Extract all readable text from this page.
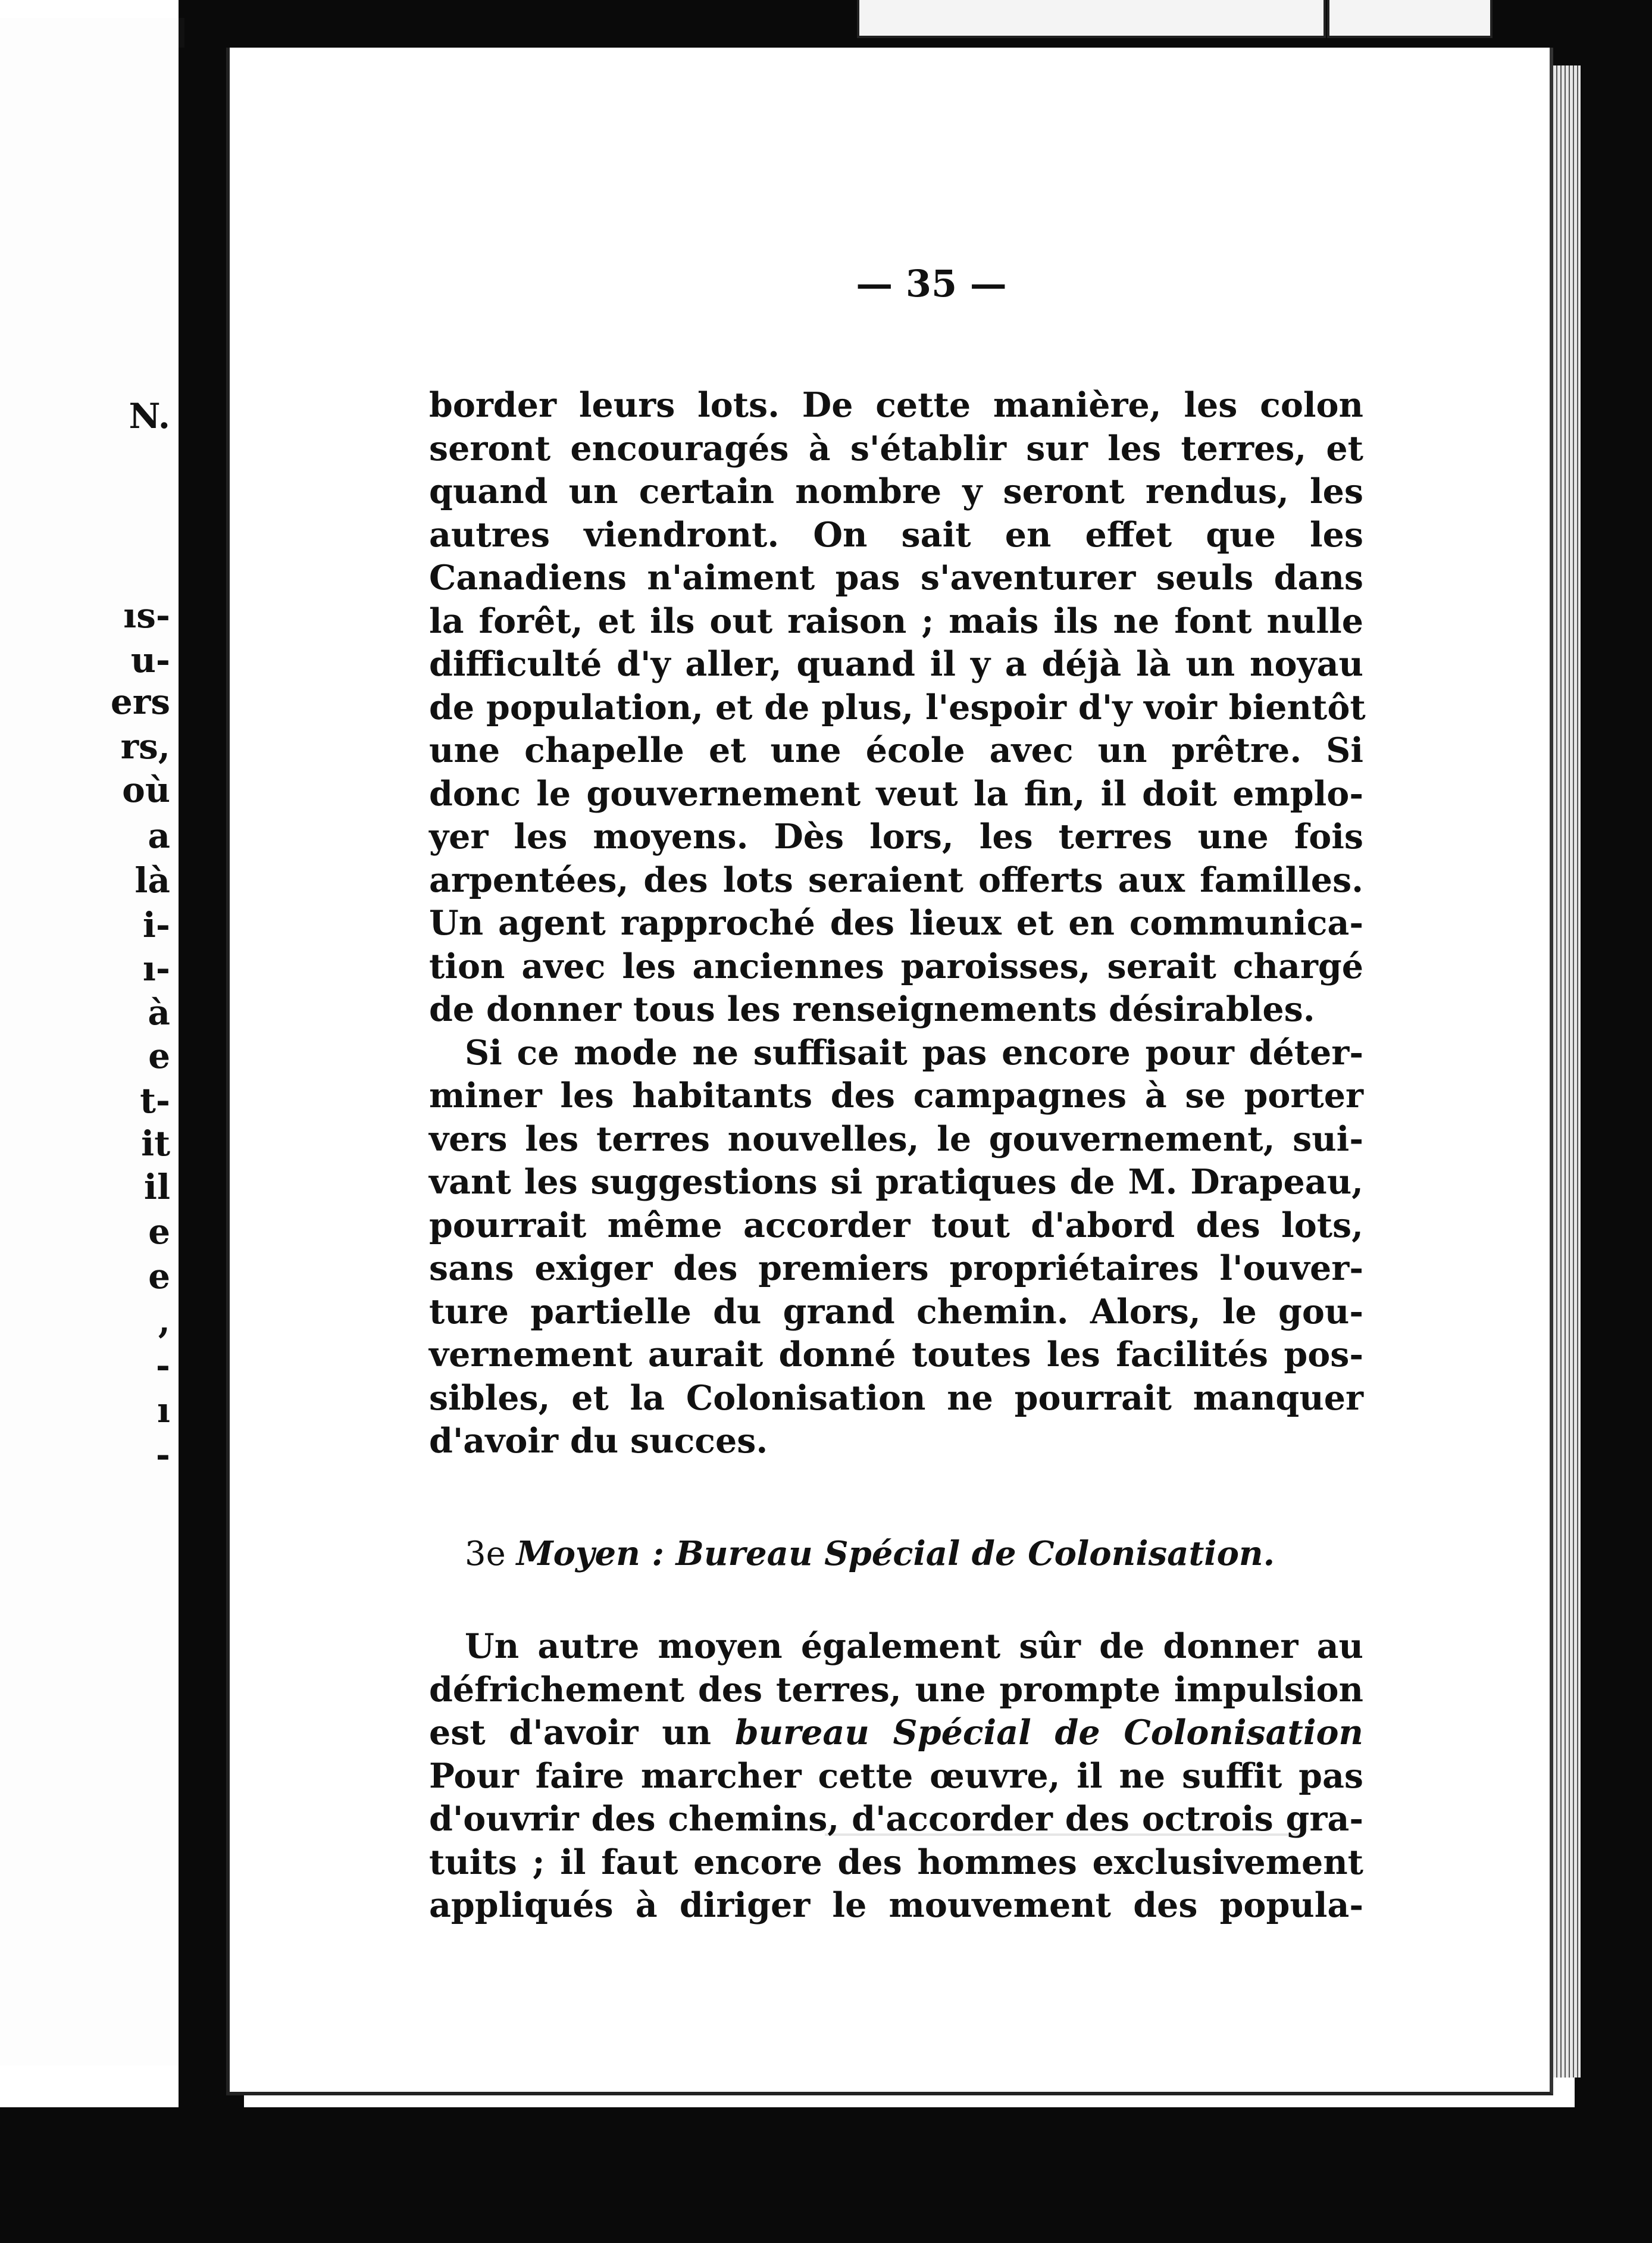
N.
ıs-
u-
ers
rs,
où
a
là
i-
ı-
à
e
t-
it
il
e
e
,
-
ı
-
— 35 —
border leurs lots. De cette manière, les colon
seront encouragés à s'établir sur les terres, et
quand un certain nombre y seront rendus, les
autres viendront. On sait en effet que les
Canadiens n'aiment pas s'aventurer seuls dans
la forêt, et ils out raison ; mais ils ne font nulle
difficulté d'y aller, quand il y a déjà là un noyau
de population, et de plus, l'espoir d'y voir bientôt
une chapelle et une école avec un prêtre. Si
donc le gouvernement veut la fin, il doit emplo-
yer les moyens. Dès lors, les terres une fois
arpentées, des lots seraient offerts aux familles.
Un agent rapproché des lieux et en communica-
tion avec les anciennes paroisses, serait chargé
de donner tous les renseignements désirables.
Si ce mode ne suffisait pas encore pour déter-
miner les habitants des campagnes à se porter
vers les terres nouvelles, le gouvernement, sui-
vant les suggestions si pratiques de M. Drapeau,
pourrait même accorder tout d'abord des lots,
sans exiger des premiers propriétaires l'ouver-
ture partielle du grand chemin. Alors, le gou-
vernement aurait donné toutes les facilités pos-
sibles, et la Colonisation ne pourrait manquer
d'avoir du succes.
3e Moyen : Bureau Spécial de Colonisation.
Un autre moyen également sûr de donner au
défrichement des terres, une prompte impulsion
est d'avoir un bureau Spécial de Colonisation
Pour faire marcher cette œuvre, il ne suffit pas
d'ouvrir des chemins, d'accorder des octrois gra-
tuits ; il faut encore des hommes exclusivement
appliqués à diriger le mouvement des popula-
